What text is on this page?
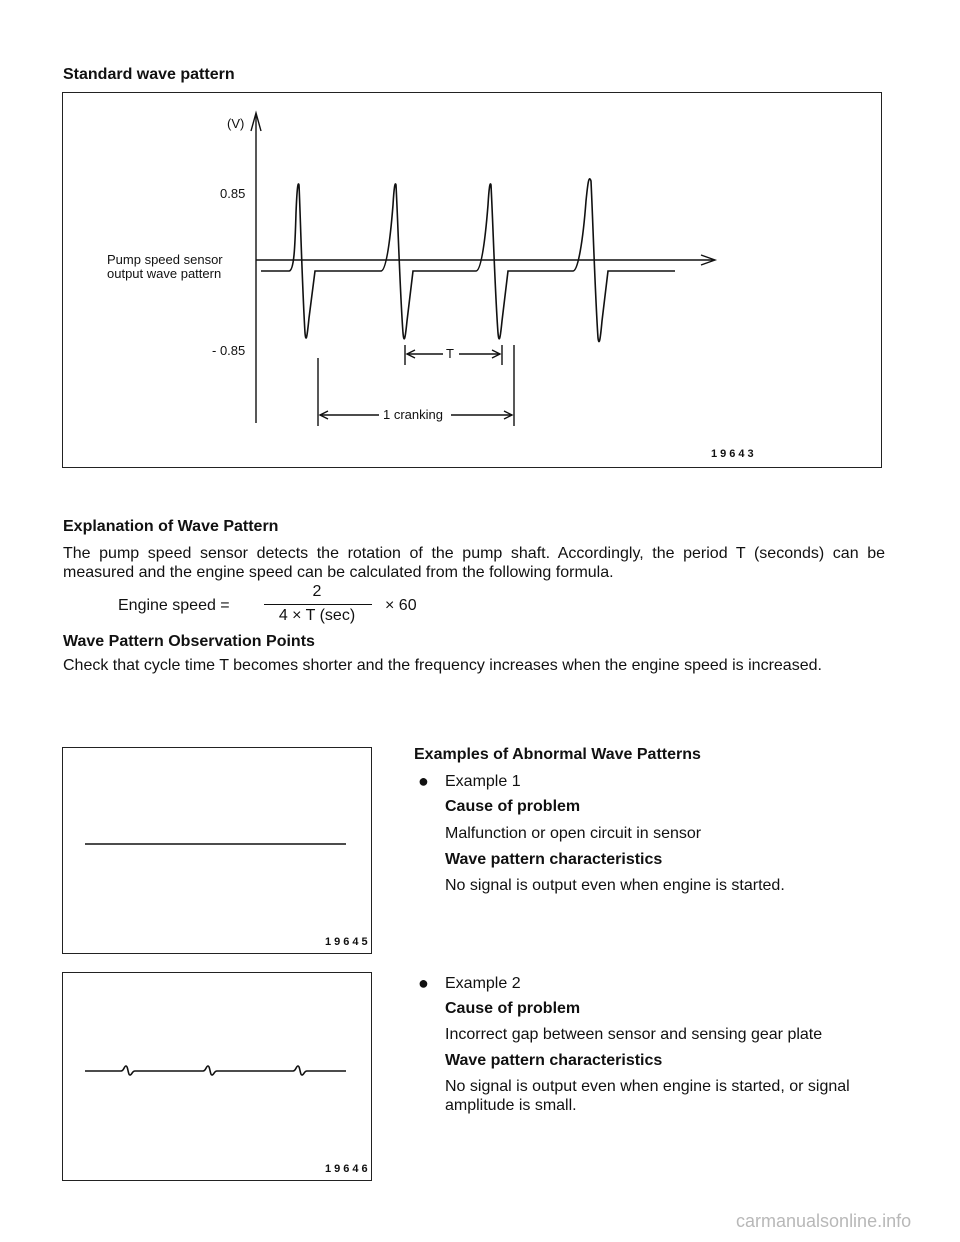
Standard wave pattern
(V)
0.85
- 0.85
Pump speed sensor
output wave pattern
T
1 cranking
19643
Explanation of Wave Pattern
The pump speed sensor detects the rotation of the pump shaft. Accordingly, the period T (seconds) can be measured and the engine speed can be calculated from the following formula.
Engine speed =
2
4 × T (sec)
× 60
Wave Pattern Observation Points
Check that cycle time T becomes shorter and the frequency increases when the engine speed is increased.
19645
19646
Examples of Abnormal Wave Patterns
● Example 1
Cause of problem
Malfunction or open circuit in sensor
Wave pattern characteristics
No signal is output even when engine is started.
● Example 2
Cause of problem
Incorrect gap between sensor and sensing gear plate
Wave pattern characteristics
No signal is output even when engine is started, or signal
amplitude is small.
carmanualsonline.info
